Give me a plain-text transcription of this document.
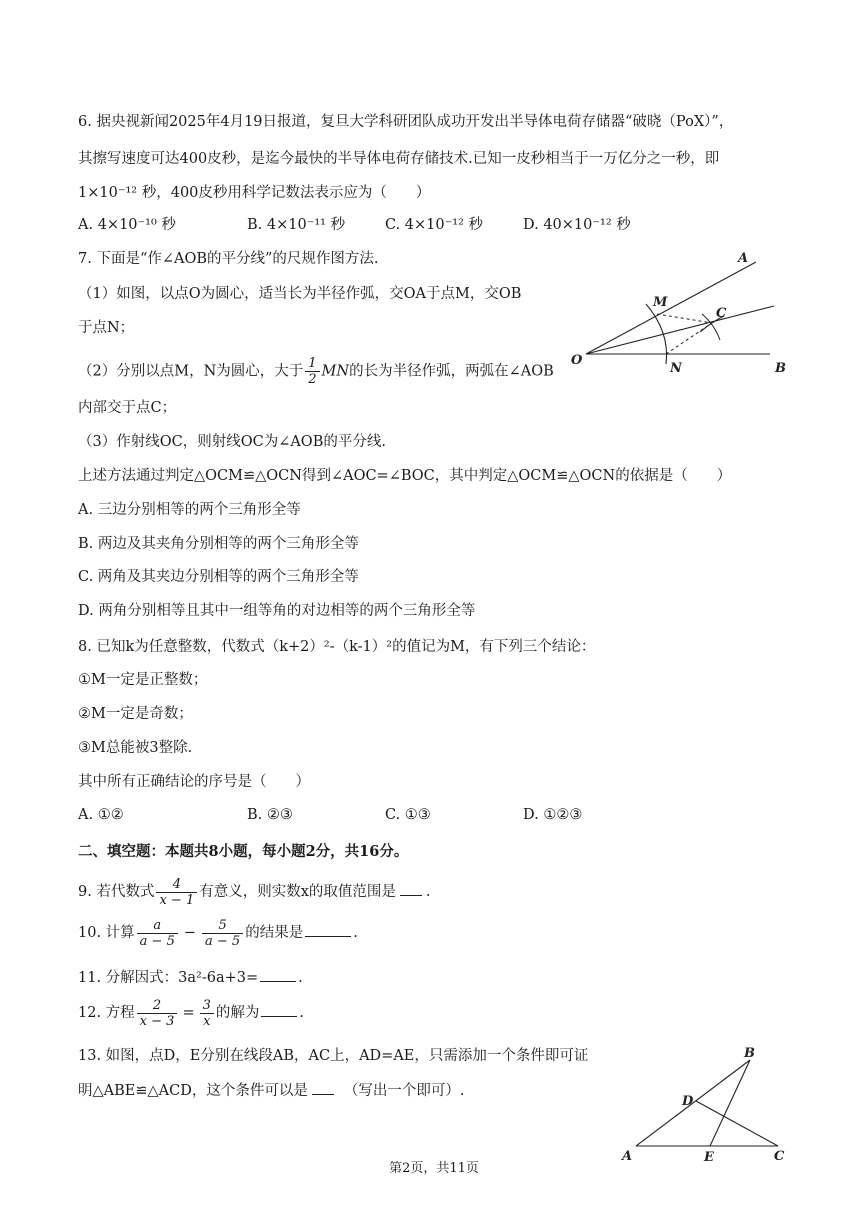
6. 据央视新闻2025年4月19日报道，复旦大学科研团队成功开发出半导体电荷存储器“破晓（PoX）”，
其擦写速度可达400皮秒，是迄今最快的半导体电荷存储技术.已知一皮秒相当于一万亿分之一秒，即
1×10⁻¹² 秒，400皮秒用科学记数法表示应为（　　）
A. 4×10⁻¹⁰ 秒	B. 4×10⁻¹¹ 秒	C. 4×10⁻¹² 秒	D. 40×10⁻¹² 秒
7. 下面是“作∠AOB的平分线”的尺规作图方法.
（1）如图，以点O为圆心，适当长为半径作弧，交OA于点M，交OB
于点N；
（2）分别以点M，N为圆心，大于 $\frac{1}{2}$ MN的长为半径作弧，两弧在∠AOB
内部交于点C；
（3）作射线OC，则射线OC为∠AOB的平分线.
上述方法通过判定△OCM≌△OCN得到∠AOC=∠BOC，其中判定△OCM≌△OCN的依据是（　　）
A. 三边分别相等的两个三角形全等
B. 两边及其夹角分别相等的两个三角形全等
C. 两角及其夹边分别相等的两个三角形全等
D. 两角分别相等且其中一组等角的对边相等的两个三角形全等
A
M
C
O
N	B
8. 已知k为任意整数，代数式（k+2）²-（k-1）²的值记为M，有下列三个结论：
①M一定是正整数；
②M一定是奇数；
③M总能被3整除.
其中所有正确结论的序号是（　　）
A. ①②	B. ②③	C. ①③	D. ①②③
二、填空题：本题共8小题，每小题2分，共16分。
9. 若代数式 $\frac{4}{x - 1}$ 有意义，则实数x的取值范围是 .
10. 计算 $\frac{a}{a - 5} - \frac{5}{a - 5}$ 的结果是	.
11. 分解因式：3a²-6a+3=	.
12. 方程 $\frac{2}{x - 3} = \frac{3}{x}$ 的解为	.
13. 如图，点D，E分别在线段AB，AC上，AD=AE，只需添加一个条件即可证
明△ABE≌△ACD，这个条件可以是 （写出一个即可）.
B
D
A	E	C
第2页，共11页
